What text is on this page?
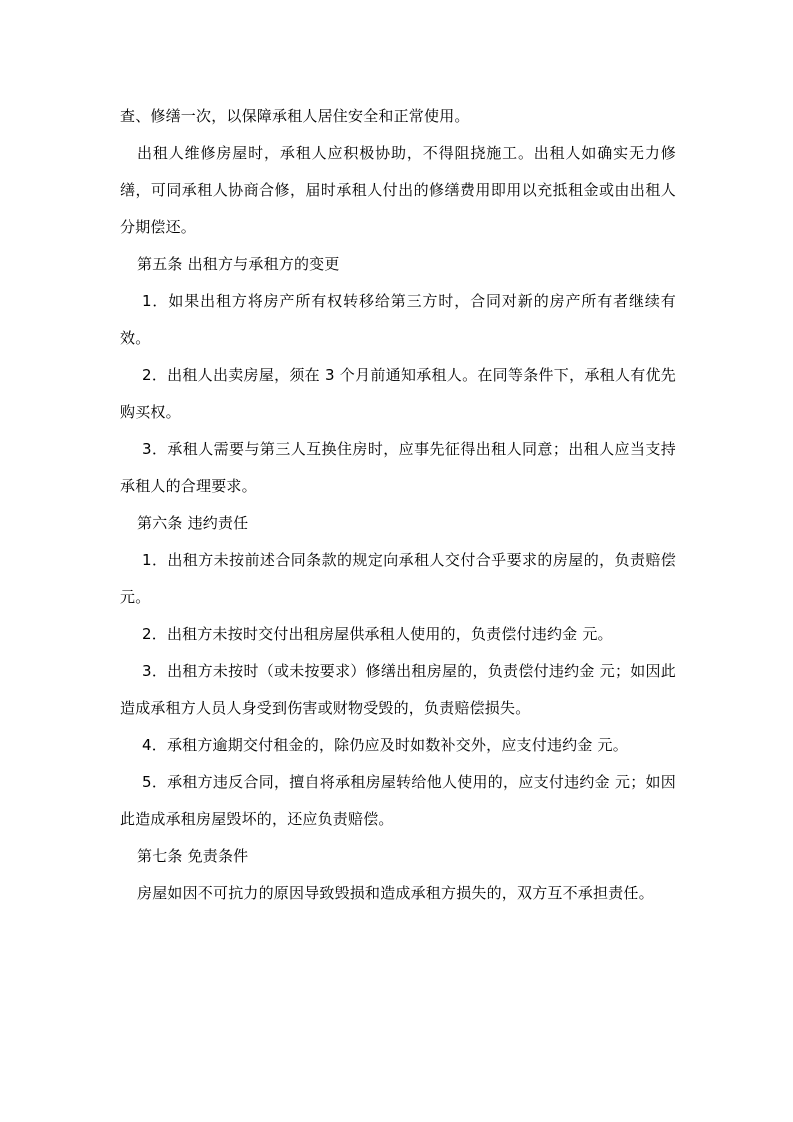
查、修缮一次，以保障承租人居住安全和正常使用。

出租人维修房屋时，承租人应积极协助，不得阻挠施工。出租人如确实无力修缮，可同承租人协商合修，届时承租人付出的修缮费用即用以充抵租金或由出租人分期偿还。

第五条 出租方与承租方的变更

1．如果出租方将房产所有权转移给第三方时，合同对新的房产所有者继续有效。

2．出租人出卖房屋，须在 3 个月前通知承租人。在同等条件下，承租人有优先购买权。

3．承租人需要与第三人互换住房时，应事先征得出租人同意；出租人应当支持承租人的合理要求。

第六条 违约责任

1．出租方未按前述合同条款的规定向承租人交付合乎要求的房屋的，负责赔偿 元。

2．出租方未按时交付出租房屋供承租人使用的，负责偿付违约金 元。

3．出租方未按时（或未按要求）修缮出租房屋的，负责偿付违约金 元；如因此造成承租方人员人身受到伤害或财物受毁的，负责赔偿损失。

4．承租方逾期交付租金的，除仍应及时如数补交外，应支付违约金 元。

5．承租方违反合同，擅自将承租房屋转给他人使用的，应支付违约金 元；如因此造成承租房屋毁坏的，还应负责赔偿。

第七条 免责条件

房屋如因不可抗力的原因导致毁损和造成承租方损失的，双方互不承担责任。
